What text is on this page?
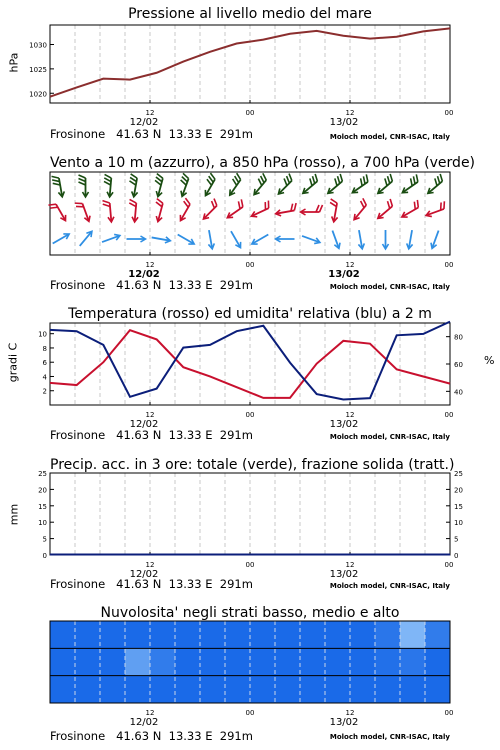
Pressione al livello medio del mare
hPa
12	00	12	00
12/02	13/02
1020
1025
1030
Frosinone   41.63 N  13.33 E  291m	Moloch model, CNR-ISAC, Italy
Vento a 10 m (azzurro), a 850 hPa (rosso), a 700 hPa (verde)
12	00	12	00
12/02	13/02
Frosinone   41.63 N  13.33 E  291m	Moloch model, CNR-ISAC, Italy
Temperatura (rosso) ed umidita' relativa (blu) a 2 m
gradi C	%
12	00	12	00
12/02	13/02
2
4
6
8
10
40
60
80
Frosinone   41.63 N  13.33 E  291m	Moloch model, CNR-ISAC, Italy
Precip. acc. in 3 ore: totale (verde), frazione solida (tratt.)
mm
12	00	12	00
12/02	13/02
0	0
5	5
10	10
15	15
20	20
25	25
Frosinone   41.63 N  13.33 E  291m	Moloch model, CNR-ISAC, Italy
Nuvolosita' negli strati basso, medio e alto
12	00	12	00
12/02	13/02
Frosinone   41.63 N  13.33 E  291m	Moloch model, CNR-ISAC, Italy
